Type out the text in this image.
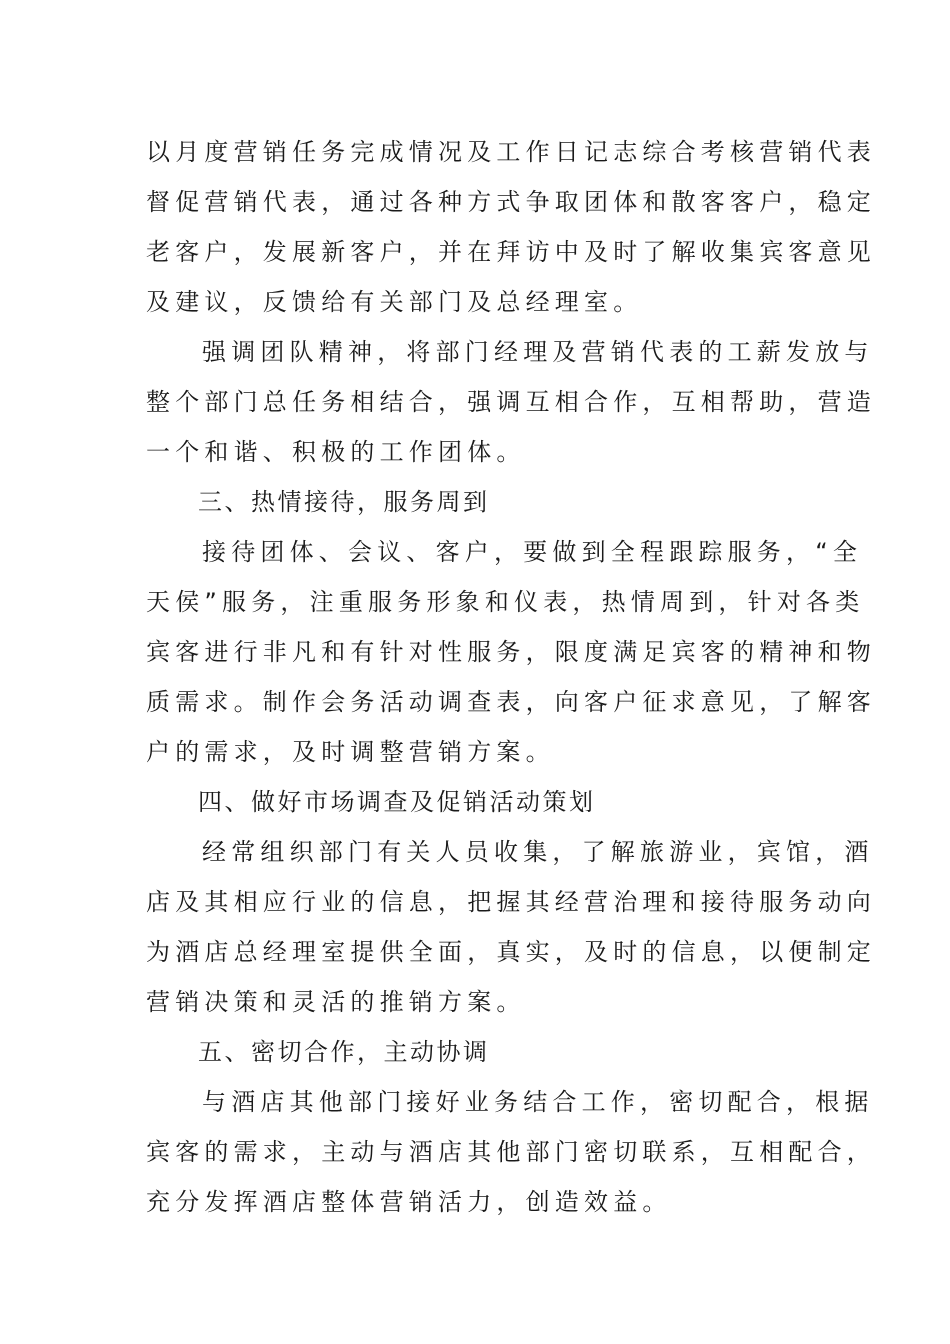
以月度营销任务完成情况及工作日记志综合考核营销代表
督促营销代表，通过各种方式争取团体和散客客户，稳定
老客户，发展新客户，并在拜访中及时了解收集宾客意见
及建议，反馈给有关部门及总经理室。
强调团队精神，将部门经理及营销代表的工薪发放与
整个部门总任务相结合，强调互相合作，互相帮助，营造
一个和谐、积极的工作团体。
三、热情接待，服务周到
接待团体、会议、客户，要做到全程跟踪服务，“全
天侯”服务，注重服务形象和仪表，热情周到，针对各类
宾客进行非凡和有针对性服务，限度满足宾客的精神和物
质需求。制作会务活动调查表，向客户征求意见，了解客
户的需求，及时调整营销方案。
四、做好市场调查及促销活动策划
经常组织部门有关人员收集，了解旅游业，宾馆，酒
店及其相应行业的信息，把握其经营治理和接待服务动向
为酒店总经理室提供全面，真实，及时的信息，以便制定
营销决策和灵活的推销方案。
五、密切合作，主动协调
与酒店其他部门接好业务结合工作，密切配合，根据
宾客的需求，主动与酒店其他部门密切联系，互相配合，
充分发挥酒店整体营销活力，创造效益。
